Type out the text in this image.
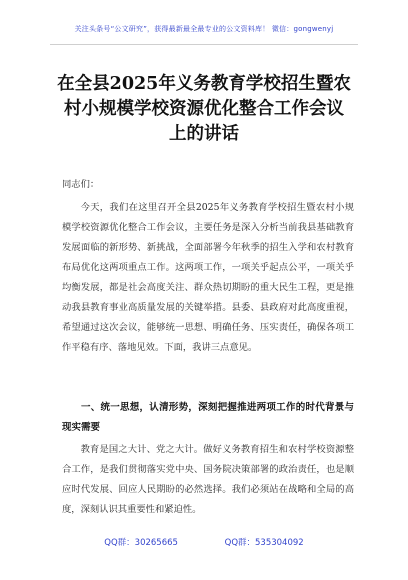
关注头条号“公文研究”，获得最新最全最专业的公文资料库！ 微信：gongwenyj
在全县2025年义务教育学校招生暨农村小规模学校资源优化整合工作会议上的讲话

同志们：

今天，我们在这里召开全县2025年义务教育学校招生暨农村小规模学校资源优化整合工作会议，主要任务是深入分析当前我县基础教育发展面临的新形势、新挑战，全面部署今年秋季的招生入学和农村教育布局优化这两项重点工作。这两项工作，一项关乎起点公平，一项关乎均衡发展，都是社会高度关注、群众热切期盼的重大民生工程，更是推动我县教育事业高质量发展的关键举措。县委、县政府对此高度重视，希望通过这次会议，能够统一思想、明确任务、压实责任，确保各项工作平稳有序、落地见效。下面，我讲三点意见。

一、统一思想，认清形势，深刻把握推进两项工作的时代背景与现实需要

教育是国之大计、党之大计。做好义务教育招生和农村学校资源整合工作，是我们贯彻落实党中央、国务院决策部署的政治责任，也是顺应时代发展、回应人民期盼的必然选择。我们必须站在战略和全局的高度，深刻认识其重要性和紧迫性。

QQ群：30265665	QQ群：535304092
